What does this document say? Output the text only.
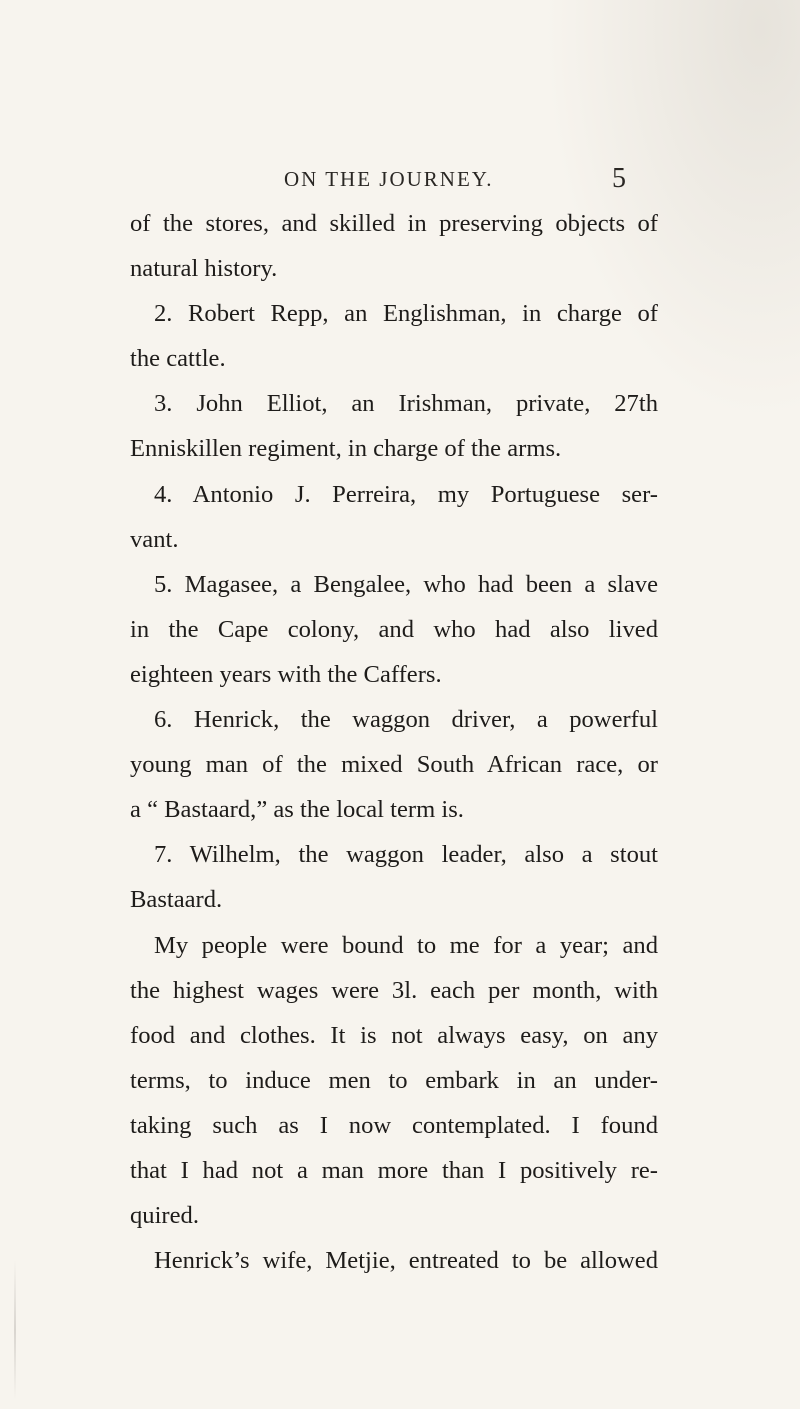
ON THE JOURNEY.	5
of the stores, and skilled in preserving objects of
natural history.
2. Robert Repp, an Englishman, in charge of
the cattle.
3. John Elliot, an Irishman, private, 27th
Enniskillen regiment, in charge of the arms.
4. Antonio J. Perreira, my Portuguese ser-
vant.
5. Magasee, a Bengalee, who had been a slave
in the Cape colony, and who had also lived
eighteen years with the Caffers.
6. Henrick, the waggon driver, a powerful
young man of the mixed South African race, or
a “ Bastaard,” as the local term is.
7. Wilhelm, the waggon leader, also a stout
Bastaard.
My people were bound to me for a year; and
the highest wages were 3l. each per month, with
food and clothes. It is not always easy, on any
terms, to induce men to embark in an under-
taking such as I now contemplated. I found
that I had not a man more than I positively re-
quired.
Henrick’s wife, Metjie, entreated to be allowed
